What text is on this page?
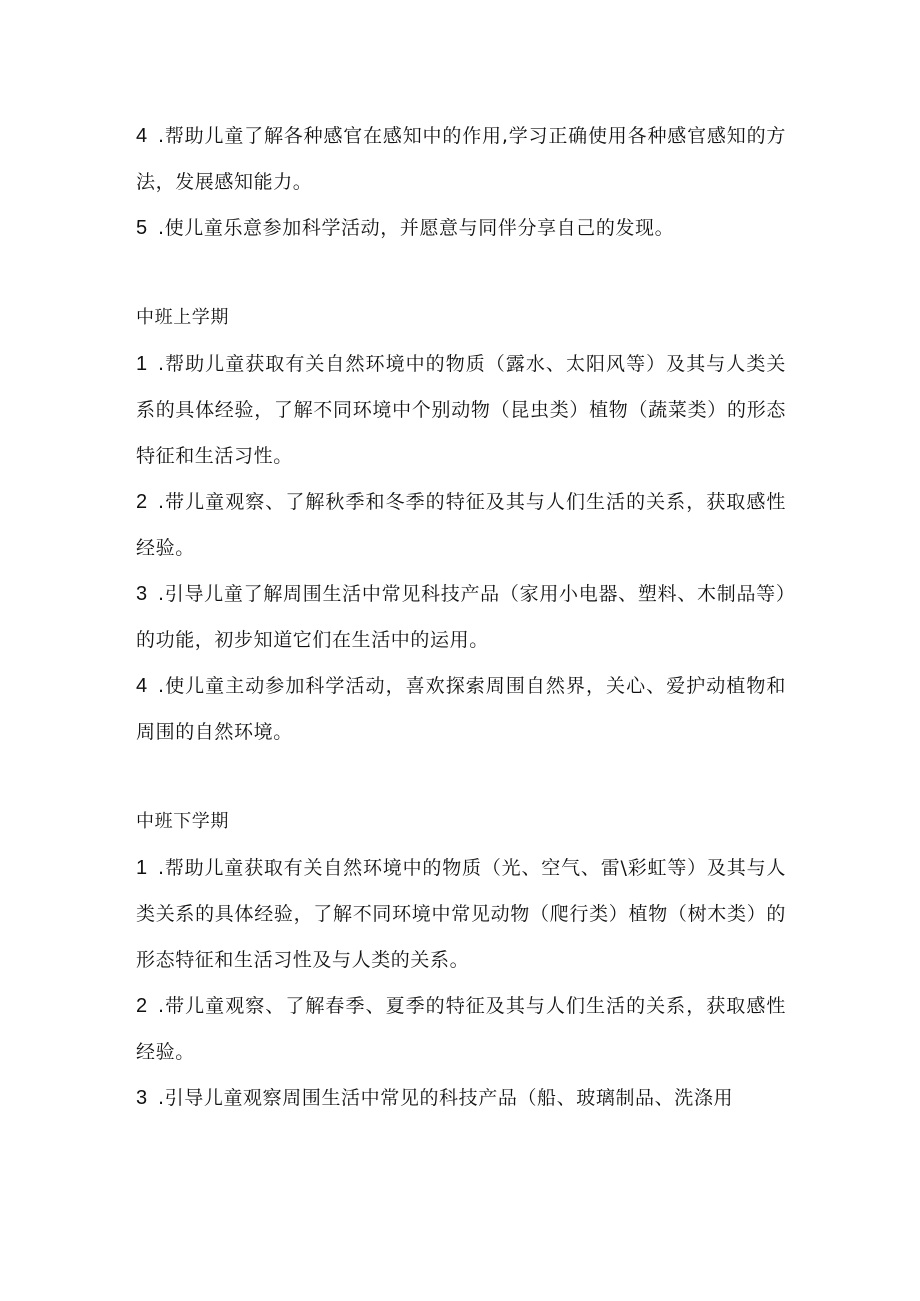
4 .帮助儿童了解各种感官在感知中的作用,学习正确使用各种感官感知的方法，发展感知能力。

5 .使儿童乐意参加科学活动，并愿意与同伴分享自己的发现。

中班上学期

1 .帮助儿童获取有关自然环境中的物质（露水、太阳风等）及其与人类关系的具体经验，了解不同环境中个别动物（昆虫类）植物（蔬菜类）的形态特征和生活习性。

2 .带儿童观察、了解秋季和冬季的特征及其与人们生活的关系，获取感性经验。

3 .引导儿童了解周围生活中常见科技产品（家用小电器、塑料、木制品等）的功能，初步知道它们在生活中的运用。

4 .使儿童主动参加科学活动，喜欢探索周围自然界，关心、爱护动植物和周围的自然环境。

中班下学期

1 .帮助儿童获取有关自然环境中的物质（光、空气、雷\彩虹等）及其与人类关系的具体经验，了解不同环境中常见动物（爬行类）植物（树木类）的形态特征和生活习性及与人类的关系。

2 .带儿童观察、了解春季、夏季的特征及其与人们生活的关系，获取感性经验。

3 .引导儿童观察周围生活中常见的科技产品（船、玻璃制品、洗涤用
